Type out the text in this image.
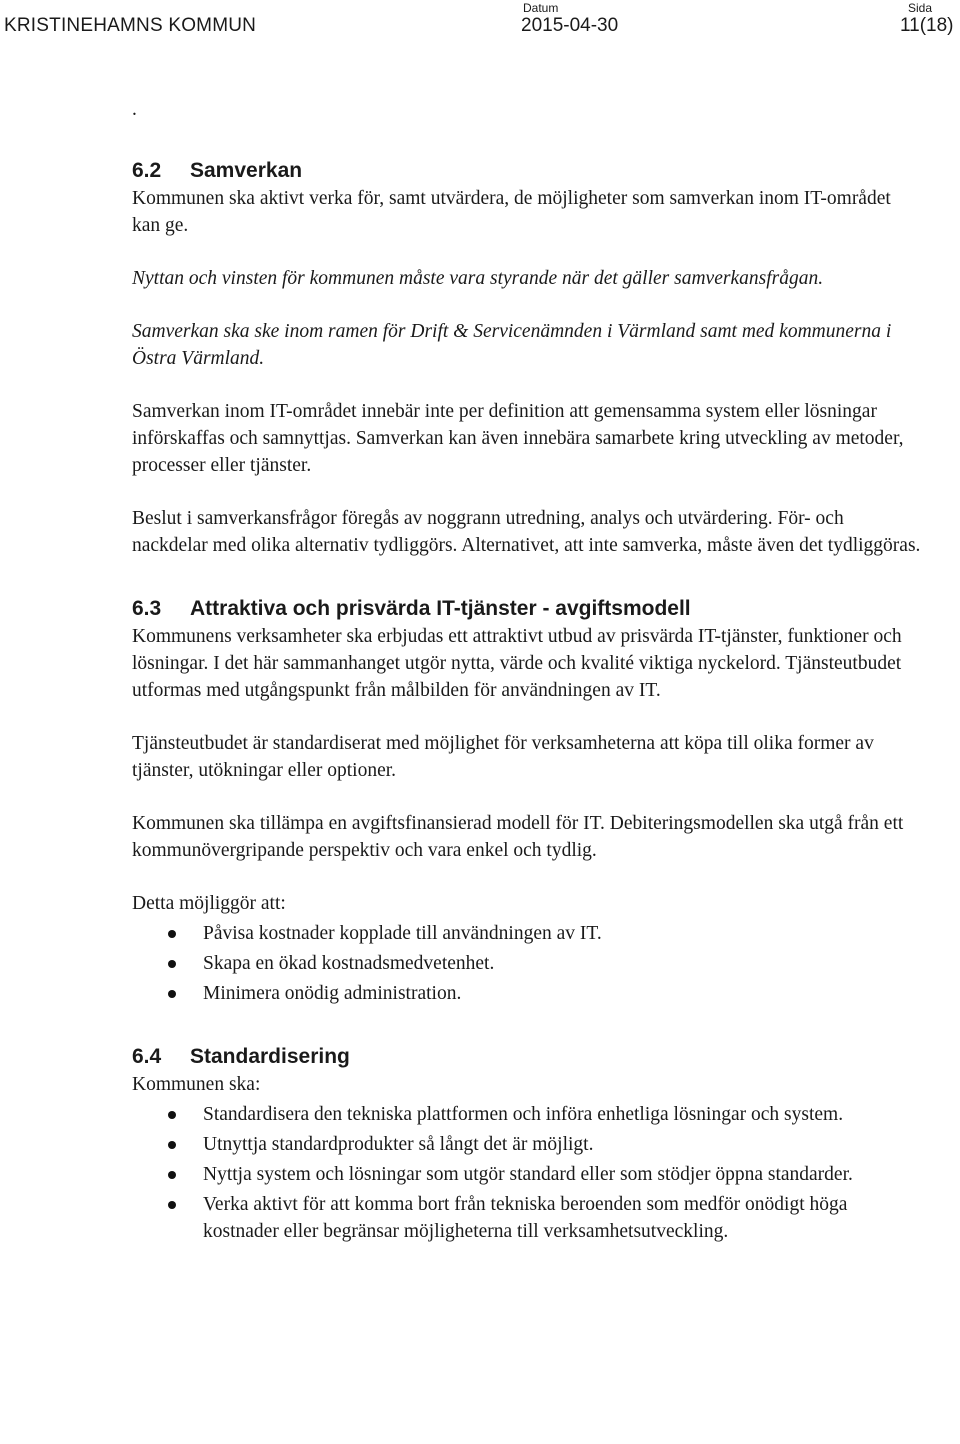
KRISTINEHAMNS KOMMUN
Datum
2015-04-30
Sida
11(18)

.

6.2 Samverkan

Kommunen ska aktivt verka för, samt utvärdera, de möjligheter som samverkan inom IT-området kan ge.

Nyttan och vinsten för kommunen måste vara styrande när det gäller samverkansfrågan.

Samverkan ska ske inom ramen för Drift & Servicenämnden i Värmland samt med kommunerna i Östra Värmland.

Samverkan inom IT-området innebär inte per definition att gemensamma system eller lösningar införskaffas och samnyttjas. Samverkan kan även innebära samarbete kring utveckling av metoder, processer eller tjänster.

Beslut i samverkansfrågor föregås av noggrann utredning, analys och utvärdering. För- och nackdelar med olika alternativ tydliggörs. Alternativet, att inte samverka, måste även det tydliggöras.

6.3 Attraktiva och prisvärda IT-tjänster - avgiftsmodell

Kommunens verksamheter ska erbjudas ett attraktivt utbud av prisvärda IT-tjänster, funktioner och lösningar. I det här sammanhanget utgör nytta, värde och kvalité viktiga nyckelord. Tjänsteutbudet utformas med utgångspunkt från målbilden för användningen av IT.

Tjänsteutbudet är standardiserat med möjlighet för verksamheterna att köpa till olika former av tjänster, utökningar eller optioner.

Kommunen ska tillämpa en avgiftsfinansierad modell för IT. Debiteringsmodellen ska utgå från ett kommunövergripande perspektiv och vara enkel och tydlig.

Detta möjliggör att:

Påvisa kostnader kopplade till användningen av IT.
Skapa en ökad kostnadsmedvetenhet.
Minimera onödig administration.
6.4 Standardisering

Kommunen ska:

Standardisera den tekniska plattformen och införa enhetliga lösningar och system.
Utnyttja standardprodukter så långt det är möjligt.
Nyttja system och lösningar som utgör standard eller som stödjer öppna standarder.
Verka aktivt för att komma bort från tekniska beroenden som medför onödigt höga kostnader eller begränsar möjligheterna till verksamhetsutveckling.
